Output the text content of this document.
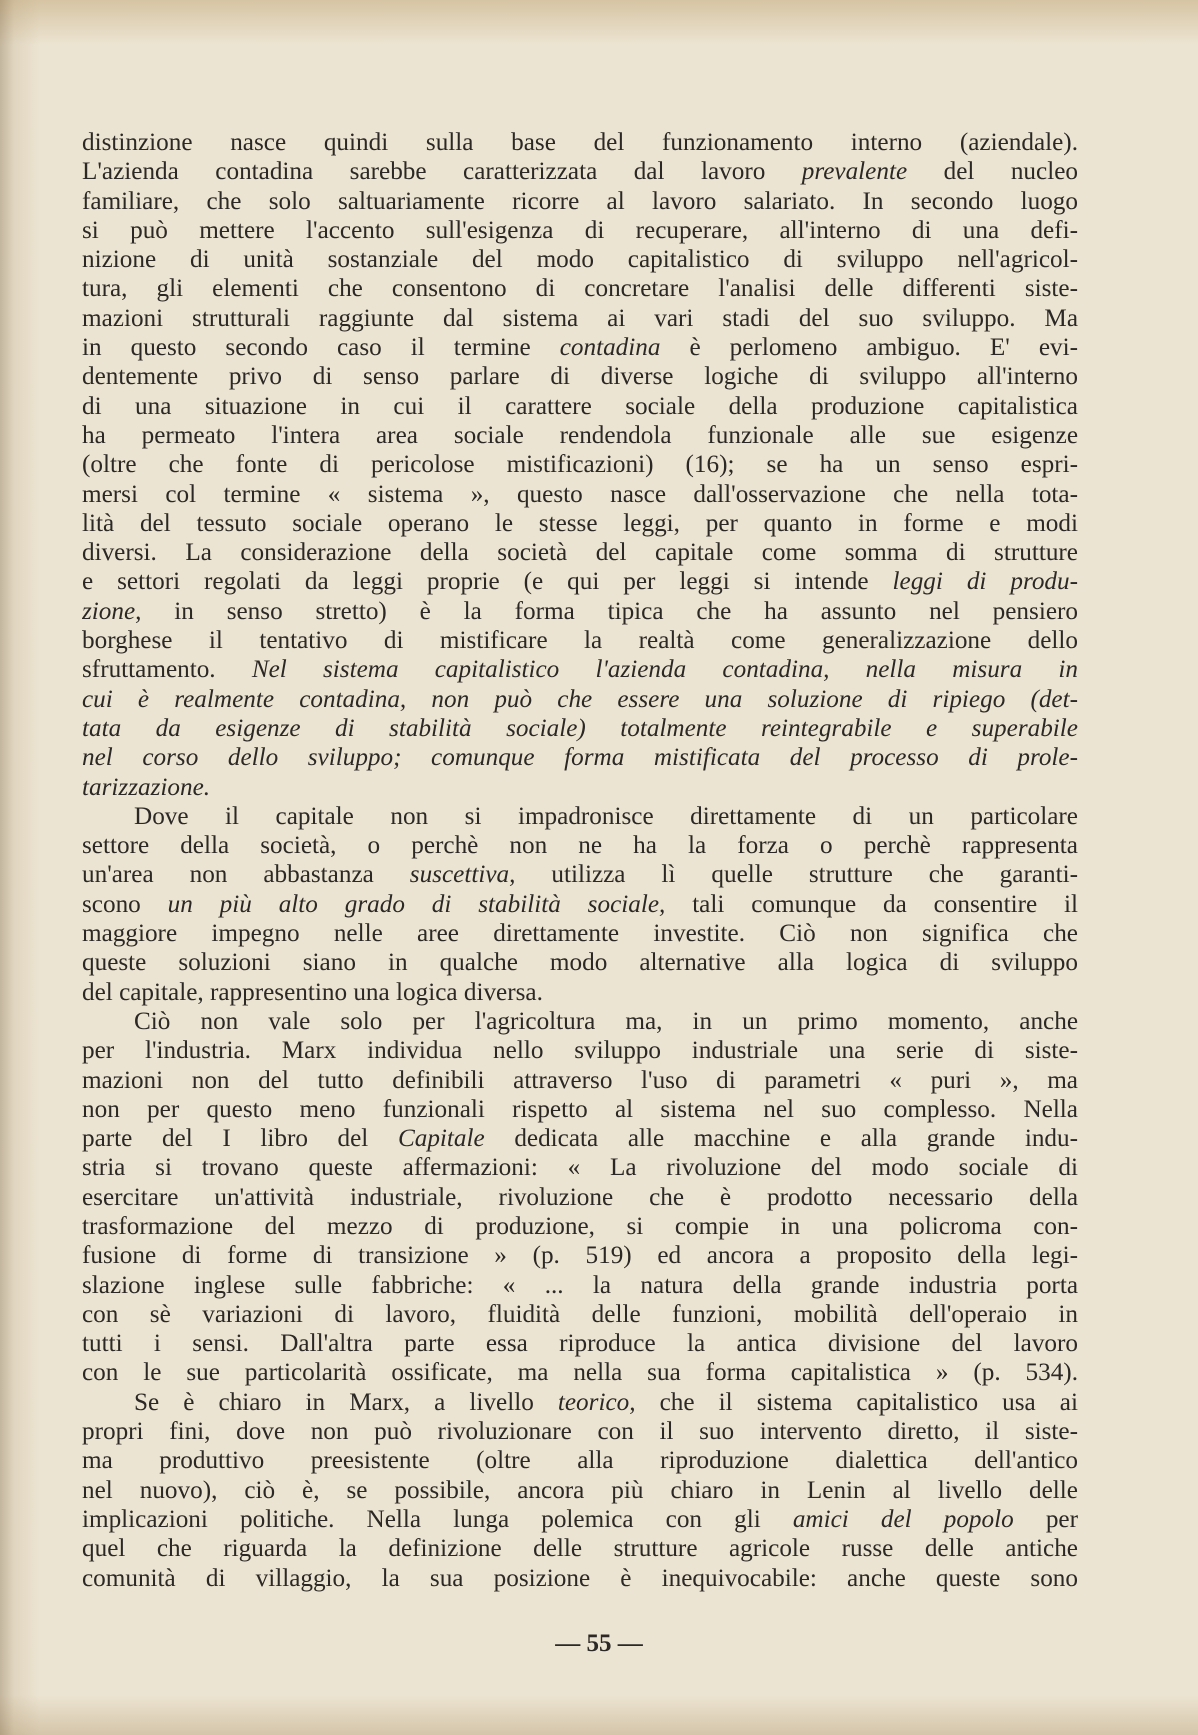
distinzione nasce quindi sulla base del funzionamento interno (aziendale).
L'azienda contadina sarebbe caratterizzata dal lavoro prevalente del nucleo
familiare, che solo saltuariamente ricorre al lavoro salariato. In secondo luogo
si può mettere l'accento sull'esigenza di recuperare, all'interno di una defi-
nizione di unità sostanziale del modo capitalistico di sviluppo nell'agricol-
tura, gli elementi che consentono di concretare l'analisi delle differenti siste-
mazioni strutturali raggiunte dal sistema ai vari stadi del suo sviluppo. Ma
in questo secondo caso il termine contadina è perlomeno ambiguo. E' evi-
dentemente privo di senso parlare di diverse logiche di sviluppo all'interno
di una situazione in cui il carattere sociale della produzione capitalistica
ha permeato l'intera area sociale rendendola funzionale alle sue esigenze
(oltre che fonte di pericolose mistificazioni) (16); se ha un senso espri-
mersi col termine « sistema », questo nasce dall'osservazione che nella tota-
lità del tessuto sociale operano le stesse leggi, per quanto in forme e modi
diversi. La considerazione della società del capitale come somma di strutture
e settori regolati da leggi proprie (e qui per leggi si intende leggi di produ-
zione, in senso stretto) è la forma tipica che ha assunto nel pensiero
borghese il tentativo di mistificare la realtà come generalizzazione dello
sfruttamento. Nel sistema capitalistico l'azienda contadina, nella misura in
cui è realmente contadina, non può che essere una soluzione di ripiego (det-
tata da esigenze di stabilità sociale) totalmente reintegrabile e superabile
nel corso dello sviluppo; comunque forma mistificata del processo di prole-
tarizzazione.
Dove il capitale non si impadronisce direttamente di un particolare
settore della società, o perchè non ne ha la forza o perchè rappresenta
un'area non abbastanza suscettiva, utilizza lì quelle strutture che garanti-
scono un più alto grado di stabilità sociale, tali comunque da consentire il
maggiore impegno nelle aree direttamente investite. Ciò non significa che
queste soluzioni siano in qualche modo alternative alla logica di sviluppo
del capitale, rappresentino una logica diversa.
Ciò non vale solo per l'agricoltura ma, in un primo momento, anche
per l'industria. Marx individua nello sviluppo industriale una serie di siste-
mazioni non del tutto definibili attraverso l'uso di parametri « puri », ma
non per questo meno funzionali rispetto al sistema nel suo complesso. Nella
parte del I libro del Capitale dedicata alle macchine e alla grande indu-
stria si trovano queste affermazioni: « La rivoluzione del modo sociale di
esercitare un'attività industriale, rivoluzione che è prodotto necessario della
trasformazione del mezzo di produzione, si compie in una policroma con-
fusione di forme di transizione » (p. 519) ed ancora a proposito della legi-
slazione inglese sulle fabbriche: « ... la natura della grande industria porta
con sè variazioni di lavoro, fluidità delle funzioni, mobilità dell'operaio in
tutti i sensi. Dall'altra parte essa riproduce la antica divisione del lavoro
con le sue particolarità ossificate, ma nella sua forma capitalistica » (p. 534).
Se è chiaro in Marx, a livello teorico, che il sistema capitalistico usa ai
propri fini, dove non può rivoluzionare con il suo intervento diretto, il siste-
ma produttivo preesistente (oltre alla riproduzione dialettica dell'antico
nel nuovo), ciò è, se possibile, ancora più chiaro in Lenin al livello delle
implicazioni politiche. Nella lunga polemica con gli amici del popolo per
quel che riguarda la definizione delle strutture agricole russe delle antiche
comunità di villaggio, la sua posizione è inequivocabile: anche queste sono
— 55 —
